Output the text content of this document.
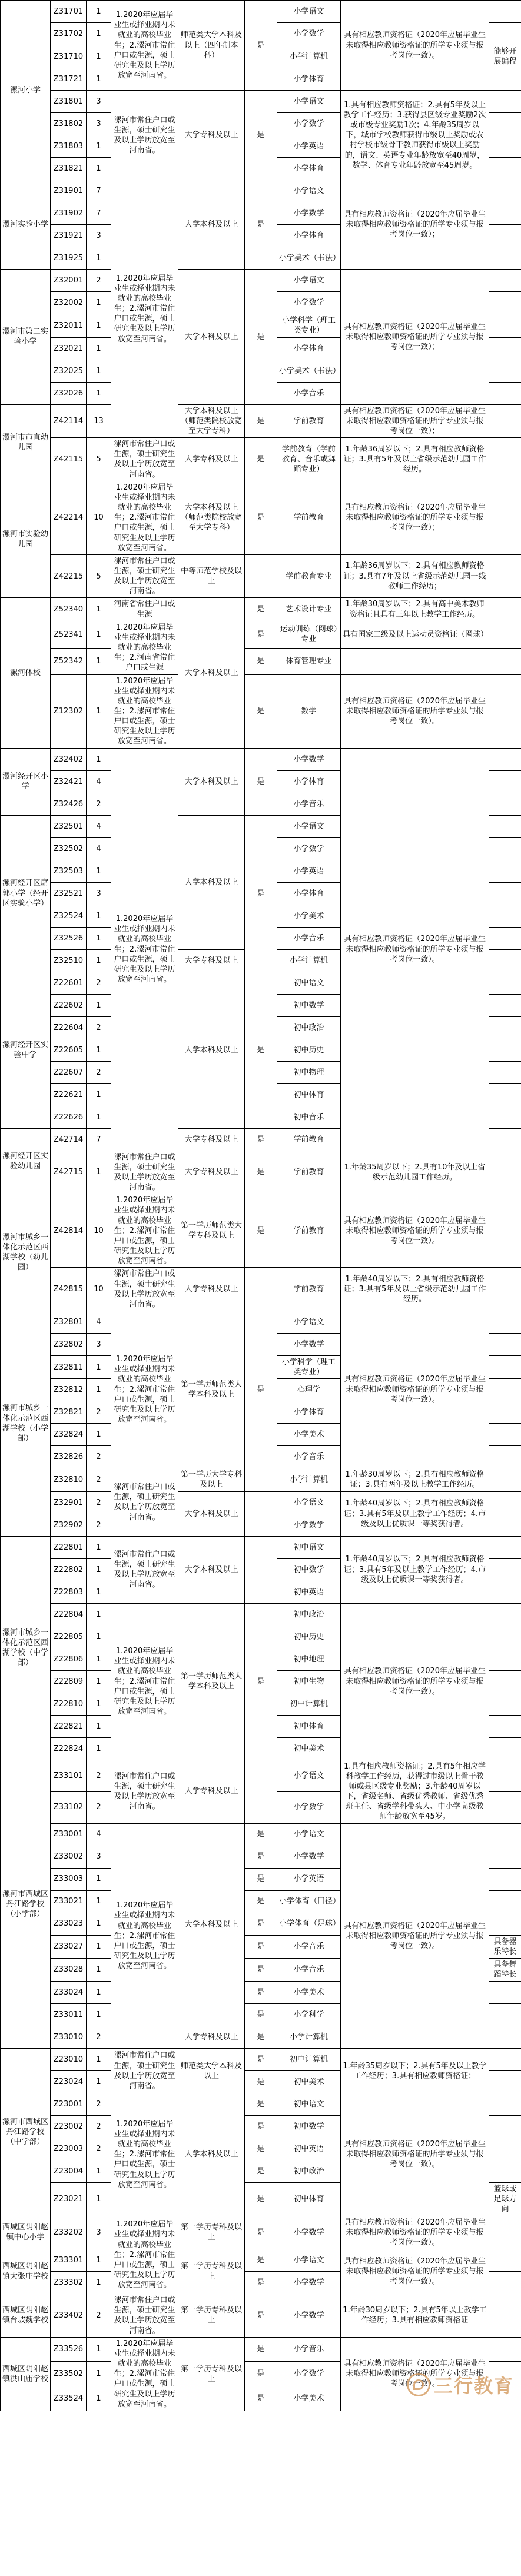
漯河小学	Z31701	1	1.2020年应届毕业生或择业期内未就业的高校毕业生；2.漯河市常住户口或生源，硕士研究生及以上学历放宽至河南省。	师范类大学本科及以上（四年制本科）	是	小学语文	具有相应教师资格证（2020年应届毕业生未取得相应教师资格证的所学专业须与报考岗位一致）。	
	Z31702	1				小学数学		
	Z31710	1				小学计算机		能够开展编程
	Z31721	1				小学体育		
	Z31801	3	漯河市常住户口或生源，硕士研究生及以上学历放宽至河南省。	大学专科及以上	是	小学语文	1.具有相应教师资格证；2.具有5年及以上教学工作经历；3.获得县区级专业奖励2次或市级专业奖励1次；4.年龄35周岁以下，城市学校教师获得市级以上奖励或农村学校市级骨干教师获得市级以上奖励的，语文、英语专业年龄放宽至40周岁，数学、体育专业年龄放宽至45周岁。	
	Z31802	3				小学数学		
	Z31803	1				小学英语		
	Z31821	1				小学体育		
漯河实验小学	Z31901	7	1.2020年应届毕业生或择业期内未就业的高校毕业生；2.漯河市常住户口或生源，硕士研究生及以上学历放宽至河南省。	大学本科及以上	是	小学语文	具有相应教师资格证（2020年应届毕业生未取得相应教师资格证的所学专业须与报考岗位一致）；	
	Z31902	7				小学数学		
	Z31921	3				小学体育		
	Z31925	1				小学美术（书法）		
漯河市第二实验小学	Z32001	2		大学本科及以上	是	小学语文	具有相应教师资格证（2020年应届毕业生未取得相应教师资格证的所学专业须与报考岗位一致）；	
	Z32002	1				小学数学		
	Z32011	1				小学科学（理工类专业）		
	Z32021	1				小学体育		
	Z32025	1				小学美术（书法）		
	Z32026	1				小学音乐		
漯河市市直幼儿园	Z42114	13		大学本科及以上（师范类院校放宽至大学专科）	是	学前教育	具有相应教师资格证（2020年应届毕业生未取得相应教师资格证的所学专业须与报考岗位一致）；	
	Z42115	5	漯河市常住户口或生源，硕士研究生及以上学历放宽至河南省。	大学专科及以上	是	学前教育（学前教育、音乐或舞蹈专业）	1.年龄36周岁以下；2.具有相应教师资格证；3.具有5年及以上省级示范幼儿园工作经历。	
漯河市实验幼儿园	Z42214	10	1.2020年应届毕业生或择业期内未就业的高校毕业生；2.漯河市常住户口或生源，硕士研究生及以上学历放宽至河南省。	大学本科及以上（师范类院校放宽至大学专科）	是	学前教育	具有相应教师资格证（2020年应届毕业生未取得相应教师资格证的所学专业须与报考岗位一致）；	
	Z42215	5	漯河市常住户口或生源，硕士研究生及以上学历放宽至河南省。	中等师范学校及以上		学前教育专业	1.年龄36周岁以下；2.具有相应教师资格证；3.具有7年及以上省级示范幼儿园一线教师工作经历；	
漯河体校	Z52340	1	河南省常住户口或生源	大学本科及以上	是	艺术设计专业	1.年龄30周岁以下；2.具有高中美术教师资格证且具有三年以上教学工作经历。	
	Z52341	1	1.2020年应届毕业生或择业期内未就业的高校毕业生；2.河南省常住户口或生源		是	运动训练（网球）专业	具有国家二级及以上运动员资格证（网球）	
	Z52342	1			是	体育管理专业		
	Z12302	1	1.2020年应届毕业生或择业期内未就业的高校毕业生；2.漯河市常住户口或生源，硕士研究生及以上学历放宽至河南省。		是	数学	具有相应教师资格证（2020年应届毕业生未取得相应教师资格证的所学专业须与报考岗位一致）。	
漯河经开区小学	Z32402	1	1.2020年应届毕业生或择业期内未就业的高校毕业生；2.漯河市常住户口或生源，硕士研究生及以上学历放宽至河南省。	大学本科及以上	是	小学数学	具有相应教师资格证（2020年应届毕业生未取得相应教师资格证的所学专业须与报考岗位一致）。	
	Z32421	4				小学体育		
	Z32426	2				小学音乐		
漯河经开区席郭小学（经开区实验小学）	Z32501	4		大学本科及以上	是	小学语文		
	Z32502	4				小学数学		
	Z32503	1				小学英语		
	Z32521	3				小学体育		
	Z32524	1				小学美术		
	Z32526	1				小学音乐		
	Z32510	1		大学专科及以上		小学计算机		
漯河经开区实验中学	Z22601	2		大学本科及以上	是	初中语文		
	Z22602	1				初中数学		
	Z22604	2				初中政治		
	Z22605	1				初中历史		
	Z22607	2				初中物理		
	Z22621	1				初中体育		
	Z22626	1				初中音乐		
漯河经开区实验幼儿园	Z42714	7		大学专科及以上	是	学前教育		
	Z42715	1	漯河市常住户口或生源，硕士研究生及以上学历放宽至河南省。	大学专科及以上	是	学前教育	1.年龄35周岁以下；2.具有10年及以上省级示范幼儿园工作经历。	
漯河市城乡一体化示范区西湖学校（幼儿园）	Z42814	10	1.2020年应届毕业生或择业期内未就业的高校毕业生；2.漯河市常住户口或生源，硕士研究生及以上学历放宽至河南省。	第一学历师范类大学专科及以上	是	学前教育	具有相应教师资格证（2020年应届毕业生未取得相应教师资格证的所学专业须与报考岗位一致）。	
	Z42815	10	漯河市常住户口或生源，硕士研究生及以上学历放宽至河南省。	大学专科及以上		学前教育	1.年龄40周岁以下；2.具有相应教师资格证；3.具有5年及以上省级示范幼儿园工作经历。	
漯河市城乡一体化示范区西湖学校（小学部）	Z32801	4	1.2020年应届毕业生或择业期内未就业的高校毕业生；2.漯河市常住户口或生源，硕士研究生及以上学历放宽至河南省。	第一学历师范类大学本科及以上	是	小学语文	具有相应教师资格证（2020年应届毕业生未取得相应教师资格证的所学专业须与报考岗位一致）。	
	Z32802	3				小学数学		
	Z32811	1				小学科学（理工类专业）		
	Z32812	1				心理学		
	Z32821	2				小学体育		
	Z32824	1				小学美术		
	Z32826	2				小学音乐		
	Z32810	2	漯河市常住户口或生源，硕士研究生及以上学历放宽至河南省。	第一学历大学专科及以上		小学计算机	1.年龄30周岁以下；2.具有相应教师资格证；3.具有两年及以上教学工作经历。	
	Z32901	2		大学本科及以上		小学语文	1.年龄40周岁以下；2.具有相应教师资格证；3.具有5年及以上教学工作经历；4.市级及以上优质课一等奖获得者。	
	Z32902	2				小学数学		
漯河市城乡一体化示范区西湖学校（中学部）	Z22801	1	漯河市常住户口或生源，硕士研究生及以上学历放宽至河南省。	大学本科及以上		初中语文	1.年龄40周岁以下；2.具有相应教师资格证；3.具有5年及以上教学工作经历；4.市级及以上优质课一等奖获得者。	
	Z22802	1				初中数学		
	Z22803	1				初中英语		
	Z22804	1	1.2020年应届毕业生或择业期内未就业的高校毕业生；2.漯河市常住户口或生源，硕士研究生及以上学历放宽至河南省。	第一学历师范类大学本科及以上	是	初中政治	具有相应教师资格证（2020年应届毕业生未取得相应教师资格证的所学专业须与报考岗位一致）。	
	Z22805	1				初中历史		
	Z22806	1				初中地理		
	Z22809	1				初中生物		
	Z22810	1				初中计算机		
	Z22821	1				初中体育		
	Z22824	1				初中美术		
漯河市西城区丹江路学校（小学部）	Z33101	2	漯河市常住户口或生源，硕士研究生及以上学历放宽至河南省。	大学专科及以上		小学语文	1.具有相应教师资格证；2.具有5年相应学科教学工作经历，获得过市级以上骨干教师或县区级专业奖励；3.年龄40周岁以下，省级名师、省级优秀教师、省级优秀班主任、省级学科带头人、中小学高级教师年龄放宽至45岁。	
	Z33102	2				小学数学		
	Z33001	4	1.2020年应届毕业生或择业期内未就业的高校毕业生；2.漯河市常住户口或生源，硕士研究生及以上学历放宽至河南省。	大学本科及以上	是	小学语文	具有相应教师资格证（2020年应届毕业生未取得相应教师资格证的所学专业须与报考岗位一致）。	
	Z33002	3			是	小学数学		
	Z33003	1			是	小学英语		
	Z33021	1			是	小学体育（田径）		
	Z33023	1			是	小学体育（足球）		
	Z33027	1			是	小学音乐		具备器乐特长
	Z33028	1			是	小学音乐		具备舞蹈特长
	Z33024	1			是	小学美术		
	Z33011	1			是	小学科学		
	Z33010	2		大学专科及以上	是	小学计算机		
漯河市西城区丹江路学校（中学部）	Z23010	1	漯河市常住户口或生源，硕士研究生及以上学历放宽至河南省。	师范类大学本科及以上	是	初中计算机	1.年龄35周岁以下；2.具有5年及以上教学工作经历；3.具有相应教师资格证；	
	Z23024	1			是	初中美术		
	Z23001	2	1.2020年应届毕业生或择业期内未就业的高校毕业生；2.漯河市常住户口或生源，硕士研究生及以上学历放宽至河南省。	大学本科及以上	是	初中语文	具有相应教师资格证（2020年应届毕业生未取得相应教师资格证的所学专业须与报考岗位一致）。	
	Z23002	2			是	初中数学		
	Z23003	2			是	初中英语		
	Z23004	1			是	初中政治		
	Z23021	1			是	初中体育		篮球或足球方向
西城区阴阳赵镇中心小学	Z33202	3	1.2020年应届毕业生或择业期内未就业的高校毕业生；2.漯河市常住户口或生源，硕士研究生及以上学历放宽至河南省。	第一学历专科及以上	是	小学数学	具有相应教师资格证（2020年应届毕业生未取得相应教师资格证的所学专业须与报考岗位一致）。	
西城区阴阳赵镇大张庄学校	Z33301	1		第一学历专科及以上	是	小学语文	具有相应教师资格证（2020年应届毕业生未取得相应教师资格证的所学专业须与报考岗位一致）。	
	Z33302	1			是	小学数学		
西城区阴阳赵镇台坡魏学校	Z33402	2	漯河市常住户口或生源，硕士研究生及以上学历放宽至河南省。	第一学历专科及以上	是	小学数学	1.年龄30周岁以下；2.具有5年以上教学工作经历；3.具有相应教师资格证	
西城区阴阳赵镇洪山庙学校	Z33526	1	1.2020年应届毕业生或择业期内未就业的高校毕业生；2.漯河市常住户口或生源，硕士研究生及以上学历放宽至河南省。	第一学历专科及以上	是	小学音乐	具有相应教师资格证（2020年应届毕业生未取得相应教师资格证的所学专业须与报考岗位一致）。	
	Z33502	1			是	小学数学		
	Z33524	1			是	小学美术		
三行教育
